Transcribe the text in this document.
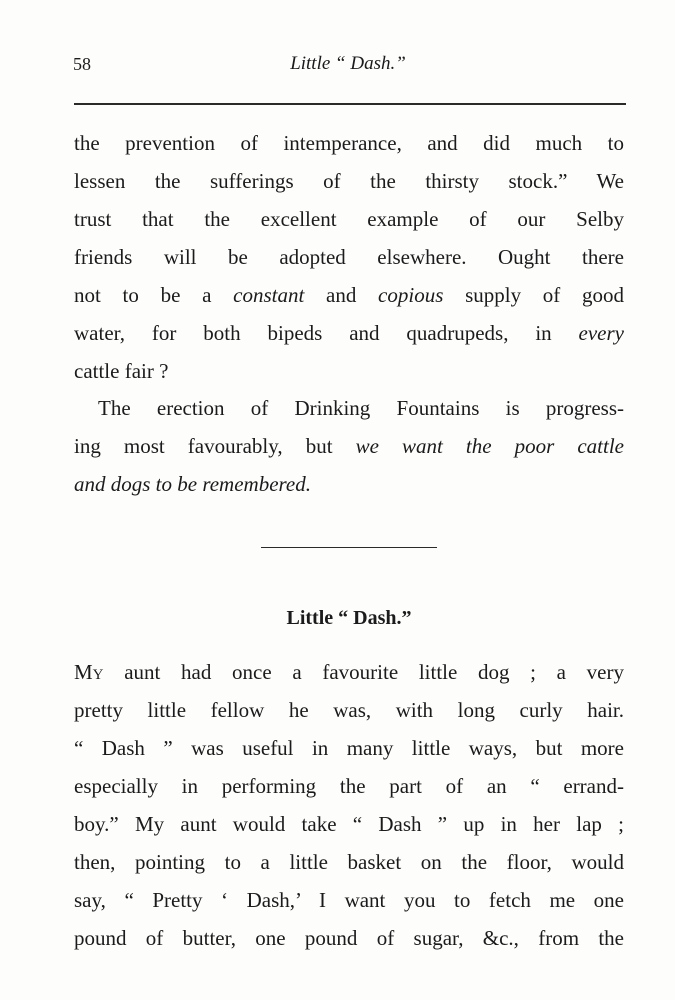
58	Little “ Dash.”
the prevention of intemperance, and did much to
lessen the sufferings of the thirsty stock.” We
trust that the excellent example of our Selby
friends will be adopted elsewhere. Ought there
not to be a constant and copious supply of good
water, for both bipeds and quadrupeds, in every
cattle fair ?
The erection of Drinking Fountains is progress-
ing most favourably, but we want the poor cattle
and dogs to be remembered.
Little “ Dash.”
My aunt had once a favourite little dog ; a very
pretty little fellow he was, with long curly hair.
“ Dash ” was useful in many little ways, but more
especially in performing the part of an “ errand-
boy.” My aunt would take “ Dash ” up in her lap ;
then, pointing to a little basket on the floor, would
say, “ Pretty ‘ Dash,’ I want you to fetch me one
pound of butter, one pound of sugar, &c., from the
